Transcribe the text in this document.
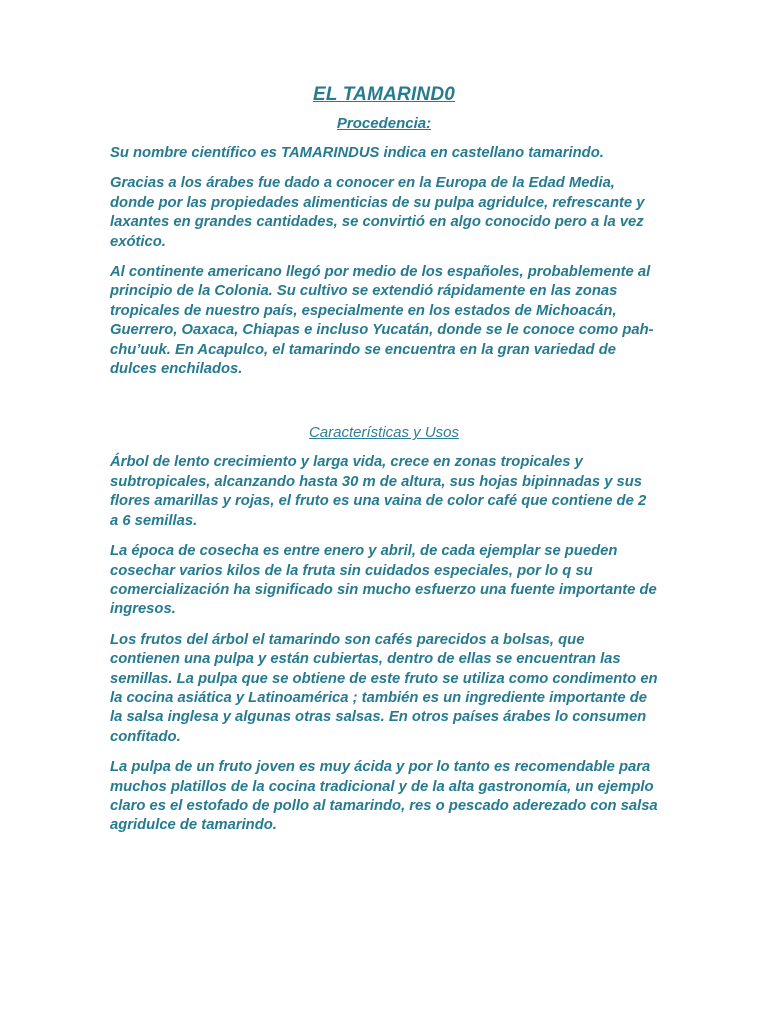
EL TAMARIND0
Procedencia:

Su nombre científico es TAMARINDUS indica en castellano tamarindo.

Gracias a los árabes fue dado a conocer en la Europa de la Edad Media, donde por las propiedades alimenticias de su pulpa agridulce, refrescante y laxantes en grandes cantidades, se convirtió en algo conocido pero a la vez exótico.

Al continente americano llegó por medio de los españoles, probablemente al principio de la Colonia. Su cultivo se extendió rápidamente en las zonas tropicales de nuestro país, especialmente en los estados de Michoacán, Guerrero, Oaxaca, Chiapas e incluso Yucatán, donde se le conoce como pah-chu’uuk. En Acapulco, el tamarindo se encuentra en la gran variedad de dulces enchilados.

Características y Usos

Árbol de lento crecimiento y larga vida, crece en zonas tropicales y subtropicales, alcanzando hasta 30 m de altura, sus hojas bipinnadas y sus flores amarillas y rojas, el fruto es una vaina de color café que contiene de 2 a 6 semillas.

La época de cosecha es entre enero y abril, de cada ejemplar se pueden cosechar varios kilos de la fruta sin cuidados especiales, por lo q su comercialización ha significado sin mucho esfuerzo una fuente importante de ingresos.

Los frutos del árbol el tamarindo son cafés parecidos a bolsas, que contienen una pulpa y están cubiertas, dentro de ellas se encuentran las semillas. La pulpa que se obtiene de este fruto se utiliza como condimento en la cocina asiática y Latinoamérica ; también es un ingrediente importante de la salsa inglesa y algunas otras salsas. En otros países árabes lo consumen confitado.

La pulpa de un fruto joven es muy ácida y por lo tanto es recomendable para muchos platillos de la cocina tradicional y de la alta gastronomía, un ejemplo claro es el estofado de pollo al tamarindo, res o pescado aderezado con salsa agridulce de tamarindo.
